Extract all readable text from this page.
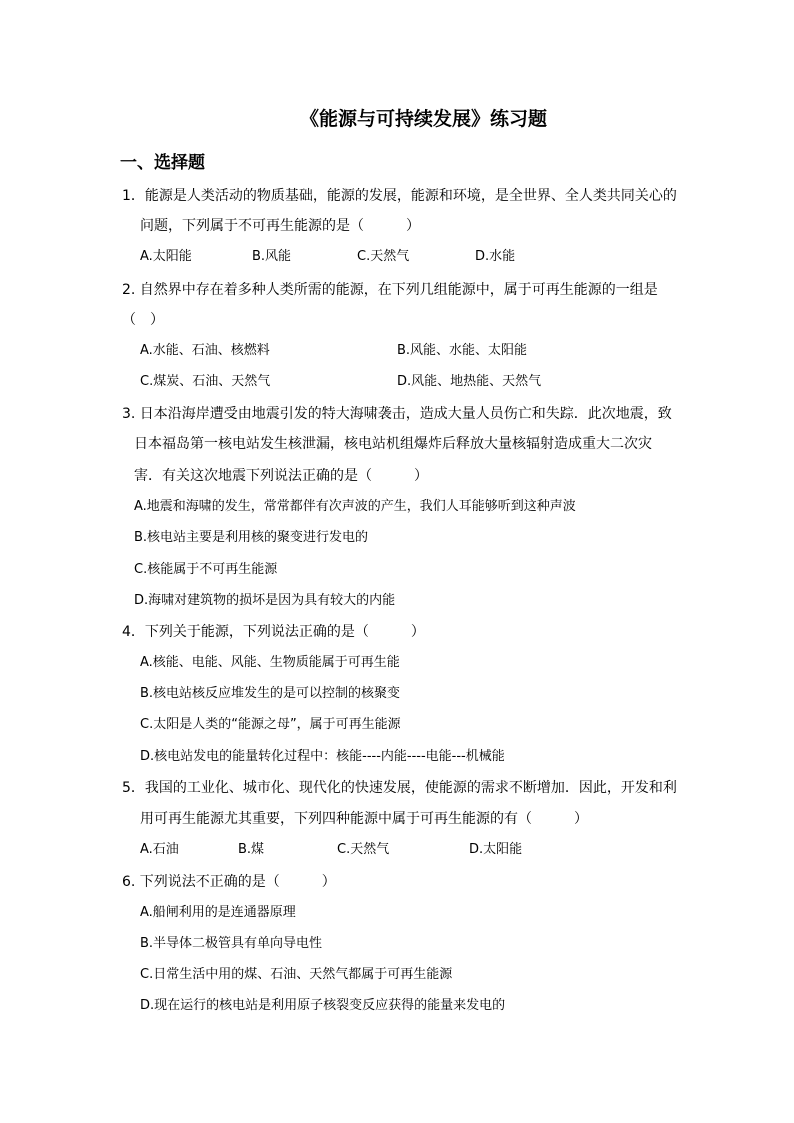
《能源与可持续发展》练习题
一、选择题
1．能源是人类活动的物质基础，能源的发展，能源和环境，是全世界、全人类共同关心的
问题，下列属于不可再生能源的是（　　　）
A.太阳能	B.风能	C.天然气	D.水能
2. 自然界中存在着多种人类所需的能源，在下列几组能源中，属于可再生能源的一组是
（　）
A.水能、石油、核燃料	B.风能、水能、太阳能
C.煤炭、石油、天然气	D.风能、地热能、天然气
3. 日本沿海岸遭受由地震引发的特大海啸袭击，造成大量人员伤亡和失踪．此次地震，致
日本福岛第一核电站发生核泄漏，核电站机组爆炸后释放大量核辐射造成重大二次灾
害．有关这次地震下列说法正确的是（　　　）
A.地震和海啸的发生，常常都伴有次声波的产生，我们人耳能够听到这种声波
B.核电站主要是利用核的聚变进行发电的
C.核能属于不可再生能源
D.海啸对建筑物的损坏是因为具有较大的内能
4．下列关于能源，下列说法正确的是（　　　）
A.核能、电能、风能、生物质能属于可再生能
B.核电站核反应堆发生的是可以控制的核聚变
C.太阳是人类的“能源之母”，属于可再生能源
D.核电站发电的能量转化过程中：核能----内能----电能---机械能
5．我国的工业化、城市化、现代化的快速发展，使能源的需求不断增加．因此，开发和利
用可再生能源尤其重要，下列四种能源中属于可再生能源的有（　　　）
A.石油	B.煤	C.天然气	D.太阳能
6. 下列说法不正确的是（　　　）
A.船闸利用的是连通器原理
B.半导体二极管具有单向导电性
C.日常生活中用的煤、石油、天然气都属于可再生能源
D.现在运行的核电站是利用原子核裂变反应获得的能量来发电的
